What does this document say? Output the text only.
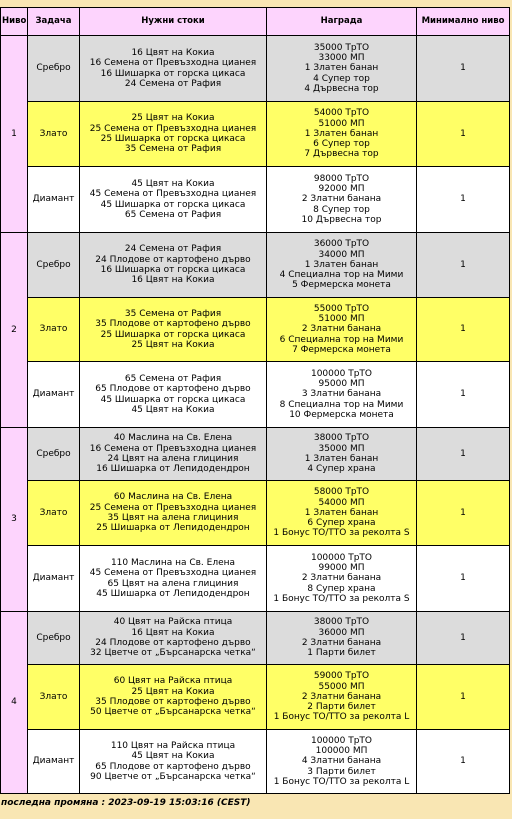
Ниво	Задача	Нужни стоки	Награда	Минимално ниво
1	Сребро	16 Цвят на Кокиа
16 Семена от Превъзходна цианея
16 Шишарка от горска цикаса
24 Семена от Рафия	35000 ТрТО
33000 МП
1 Златен банан
4 Супер тор
4 Дървесна тор	1
	Злато	25 Цвят на Кокиа
25 Семена от Превъзходна цианея
25 Шишарка от горска цикаса
35 Семена от Рафия	54000 ТрТО
51000 МП
1 Златен банан
6 Супер тор
7 Дървесна тор	1
	Диамант	45 Цвят на Кокиа
45 Семена от Превъзходна цианея
45 Шишарка от горска цикаса
65 Семена от Рафия	98000 ТрТО
92000 МП
2 Златни банана
8 Супер тор
10 Дървесна тор	1
2	Сребро	24 Семена от Рафия
24 Плодове от картофено дърво
16 Шишарка от горска цикаса
16 Цвят на Кокиа	36000 ТрТО
34000 МП
1 Златен банан
4 Специална тор на Мими
5 Фермерска монета	1
	Злато	35 Семена от Рафия
35 Плодове от картофено дърво
25 Шишарка от горска цикаса
25 Цвят на Кокиа	55000 ТрТО
51000 МП
2 Златни банана
6 Специална тор на Мими
7 Фермерска монета	1
	Диамант	65 Семена от Рафия
65 Плодове от картофено дърво
45 Шишарка от горска цикаса
45 Цвят на Кокиа	100000 ТрТО
95000 МП
3 Златни банана
8 Специална тор на Мими
10 Фермерска монета	1
3	Сребро	40 Маслина на Св. Елена
16 Семена от Превъзходна цианея
24 Цвят на алена глициния
16 Шишарка от Лепидодендрон	38000 ТрТО
35000 МП
1 Златен банан
4 Супер храна	1
	Злато	60 Маслина на Св. Елена
25 Семена от Превъзходна цианея
35 Цвят на алена глициния
25 Шишарка от Лепидодендрон	58000 ТрТО
54000 МП
1 Златен банан
6 Супер храна
1 Бонус ТО/ТТО за реколта S	1
	Диамант	110 Маслина на Св. Елена
45 Семена от Превъзходна цианея
65 Цвят на алена глициния
45 Шишарка от Лепидодендрон	100000 ТрТО
99000 МП
2 Златни банана
8 Супер храна
1 Бонус ТО/ТТО за реколта S	1
4	Сребро	40 Цвят на Райска птица
16 Цвят на Кокиа
24 Плодове от картофено дърво
32 Цветче от „Бърсанарска четка“	38000 ТрТО
36000 МП
2 Златни банана
1 Парти билет	1
	Злато	60 Цвят на Райска птица
25 Цвят на Кокиа
35 Плодове от картофено дърво
50 Цветче от „Бърсанарска четка“	59000 ТрТО
55000 МП
2 Златни банана
2 Парти билет
1 Бонус ТО/ТТО за реколта L	1
	Диамант	110 Цвят на Райска птица
45 Цвят на Кокиа
65 Плодове от картофено дърво
90 Цветче от „Бърсанарска четка“	100000 ТрТО
100000 МП
4 Златни банана
3 Парти билет
1 Бонус ТО/ТТО за реколта L	1
последна промяна : 2023-09-19 15:03:16 (CEST)
